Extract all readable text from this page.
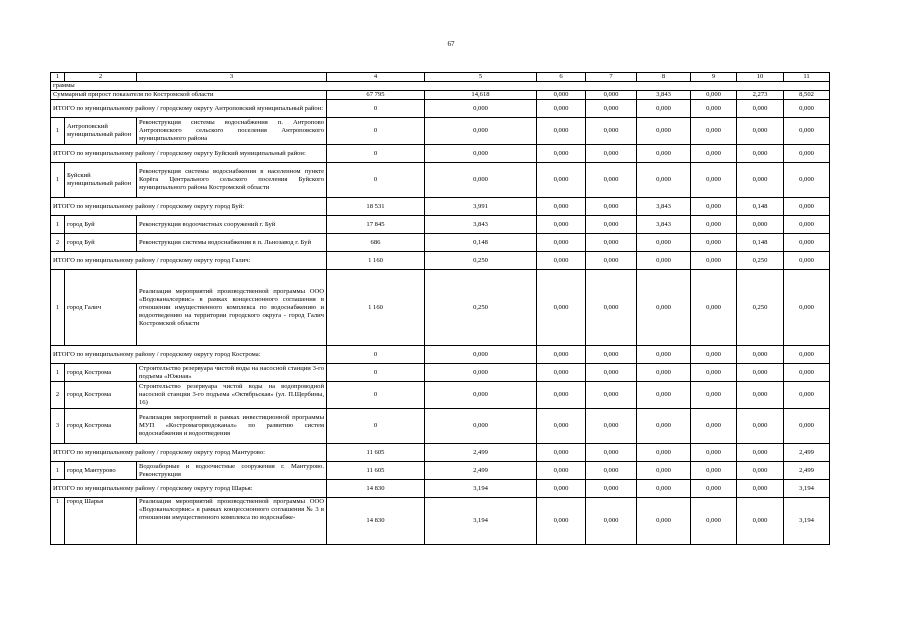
67
1	2	3	4	5	6	7	8	9	10	11
граммы										
Суммарный прирост показателя по Костромской области			67 795	14,618	0,000	0,000	3,843	0,000	2,273	8,502
ИТОГО по муниципальному району / городскому округу Антроповский муниципальный район:			0	0,000	0,000	0,000	0,000	0,000	0,000	0,000
1	Антроповский муниципальный район	Реконструкция системы водоснабжения п. Антропово Антроповского сельского поселения Антроповского муниципального района	0	0,000	0,000	0,000	0,000	0,000	0,000	0,000
ИТОГО по муниципальному району / городскому округу Буйский муниципальный район:			0	0,000	0,000	0,000	0,000	0,000	0,000	0,000
1	Буйский муниципальный район	Реконструкция системы водоснабжения в населенном пункте Корёга Центрального сельского поселения Буйского муниципального района Костромской области	0	0,000	0,000	0,000	0,000	0,000	0,000	0,000
ИТОГО по муниципальному району / городскому округу город Буй:			18 531	3,991	0,000	0,000	3,843	0,000	0,148	0,000
1	город Буй	Реконструкция водоочистных сооружений г. Буй	17 845	3,843	0,000	0,000	3,843	0,000	0,000	0,000
2	город Буй	Реконструкция системы водоснабжения в п. Льнозавод г. Буй	686	0,148	0,000	0,000	0,000	0,000	0,148	0,000
ИТОГО по муниципальному району / городскому округу город Галич:			1 160	0,250	0,000	0,000	0,000	0,000	0,250	0,000
1	город Галич	Реализация мероприятий производственной программы ООО «Водоканалсервис» в рамках концессионного соглашения в отношении имущественного комплекса по водоснабжению и водоотведению на территории городского округа - город Галич Костромской области	1 160	0,250	0,000	0,000	0,000	0,000	0,250	0,000
ИТОГО по муниципальному району / городскому округу город Кострома:			0	0,000	0,000	0,000	0,000	0,000	0,000	0,000
1	город Кострома	Строительство резервуара чистой воды на насосной станции 3-го подъема «Южная»	0	0,000	0,000	0,000	0,000	0,000	0,000	0,000
2	город Кострома	Строительство резервуара чистой воды на водопроводной насосной станции 3-го подъема «Октябрьская» (ул. П.Щербины, 16)	0	0,000	0,000	0,000	0,000	0,000	0,000	0,000
3	город Кострома	Реализация мероприятий в рамках инвестиционной программы МУП «Костромагорводоканал» по развитию систем водоснабжения и водоотведения	0	0,000	0,000	0,000	0,000	0,000	0,000	0,000
ИТОГО по муниципальному району / городскому округу город Мантурово:			11 605	2,499	0,000	0,000	0,000	0,000	0,000	2,499
1	город Мантурово	Водозаборные и водоочистные сооружения г. Мантурово. Реконструкция	11 605	2,499	0,000	0,000	0,000	0,000	0,000	2,499
ИТОГО по муниципальному району / городскому округу город Шарья:			14 830	3,194	0,000	0,000	0,000	0,000	0,000	3,194
1	город Шарья	Реализация мероприятий производственной программы ООО «Водоканалсервис» в рамках концессионного соглашения № 3 в отношении имущественного комплекса по водоснабже-	14 830	3,194	0,000	0,000	0,000	0,000	0,000	3,194
